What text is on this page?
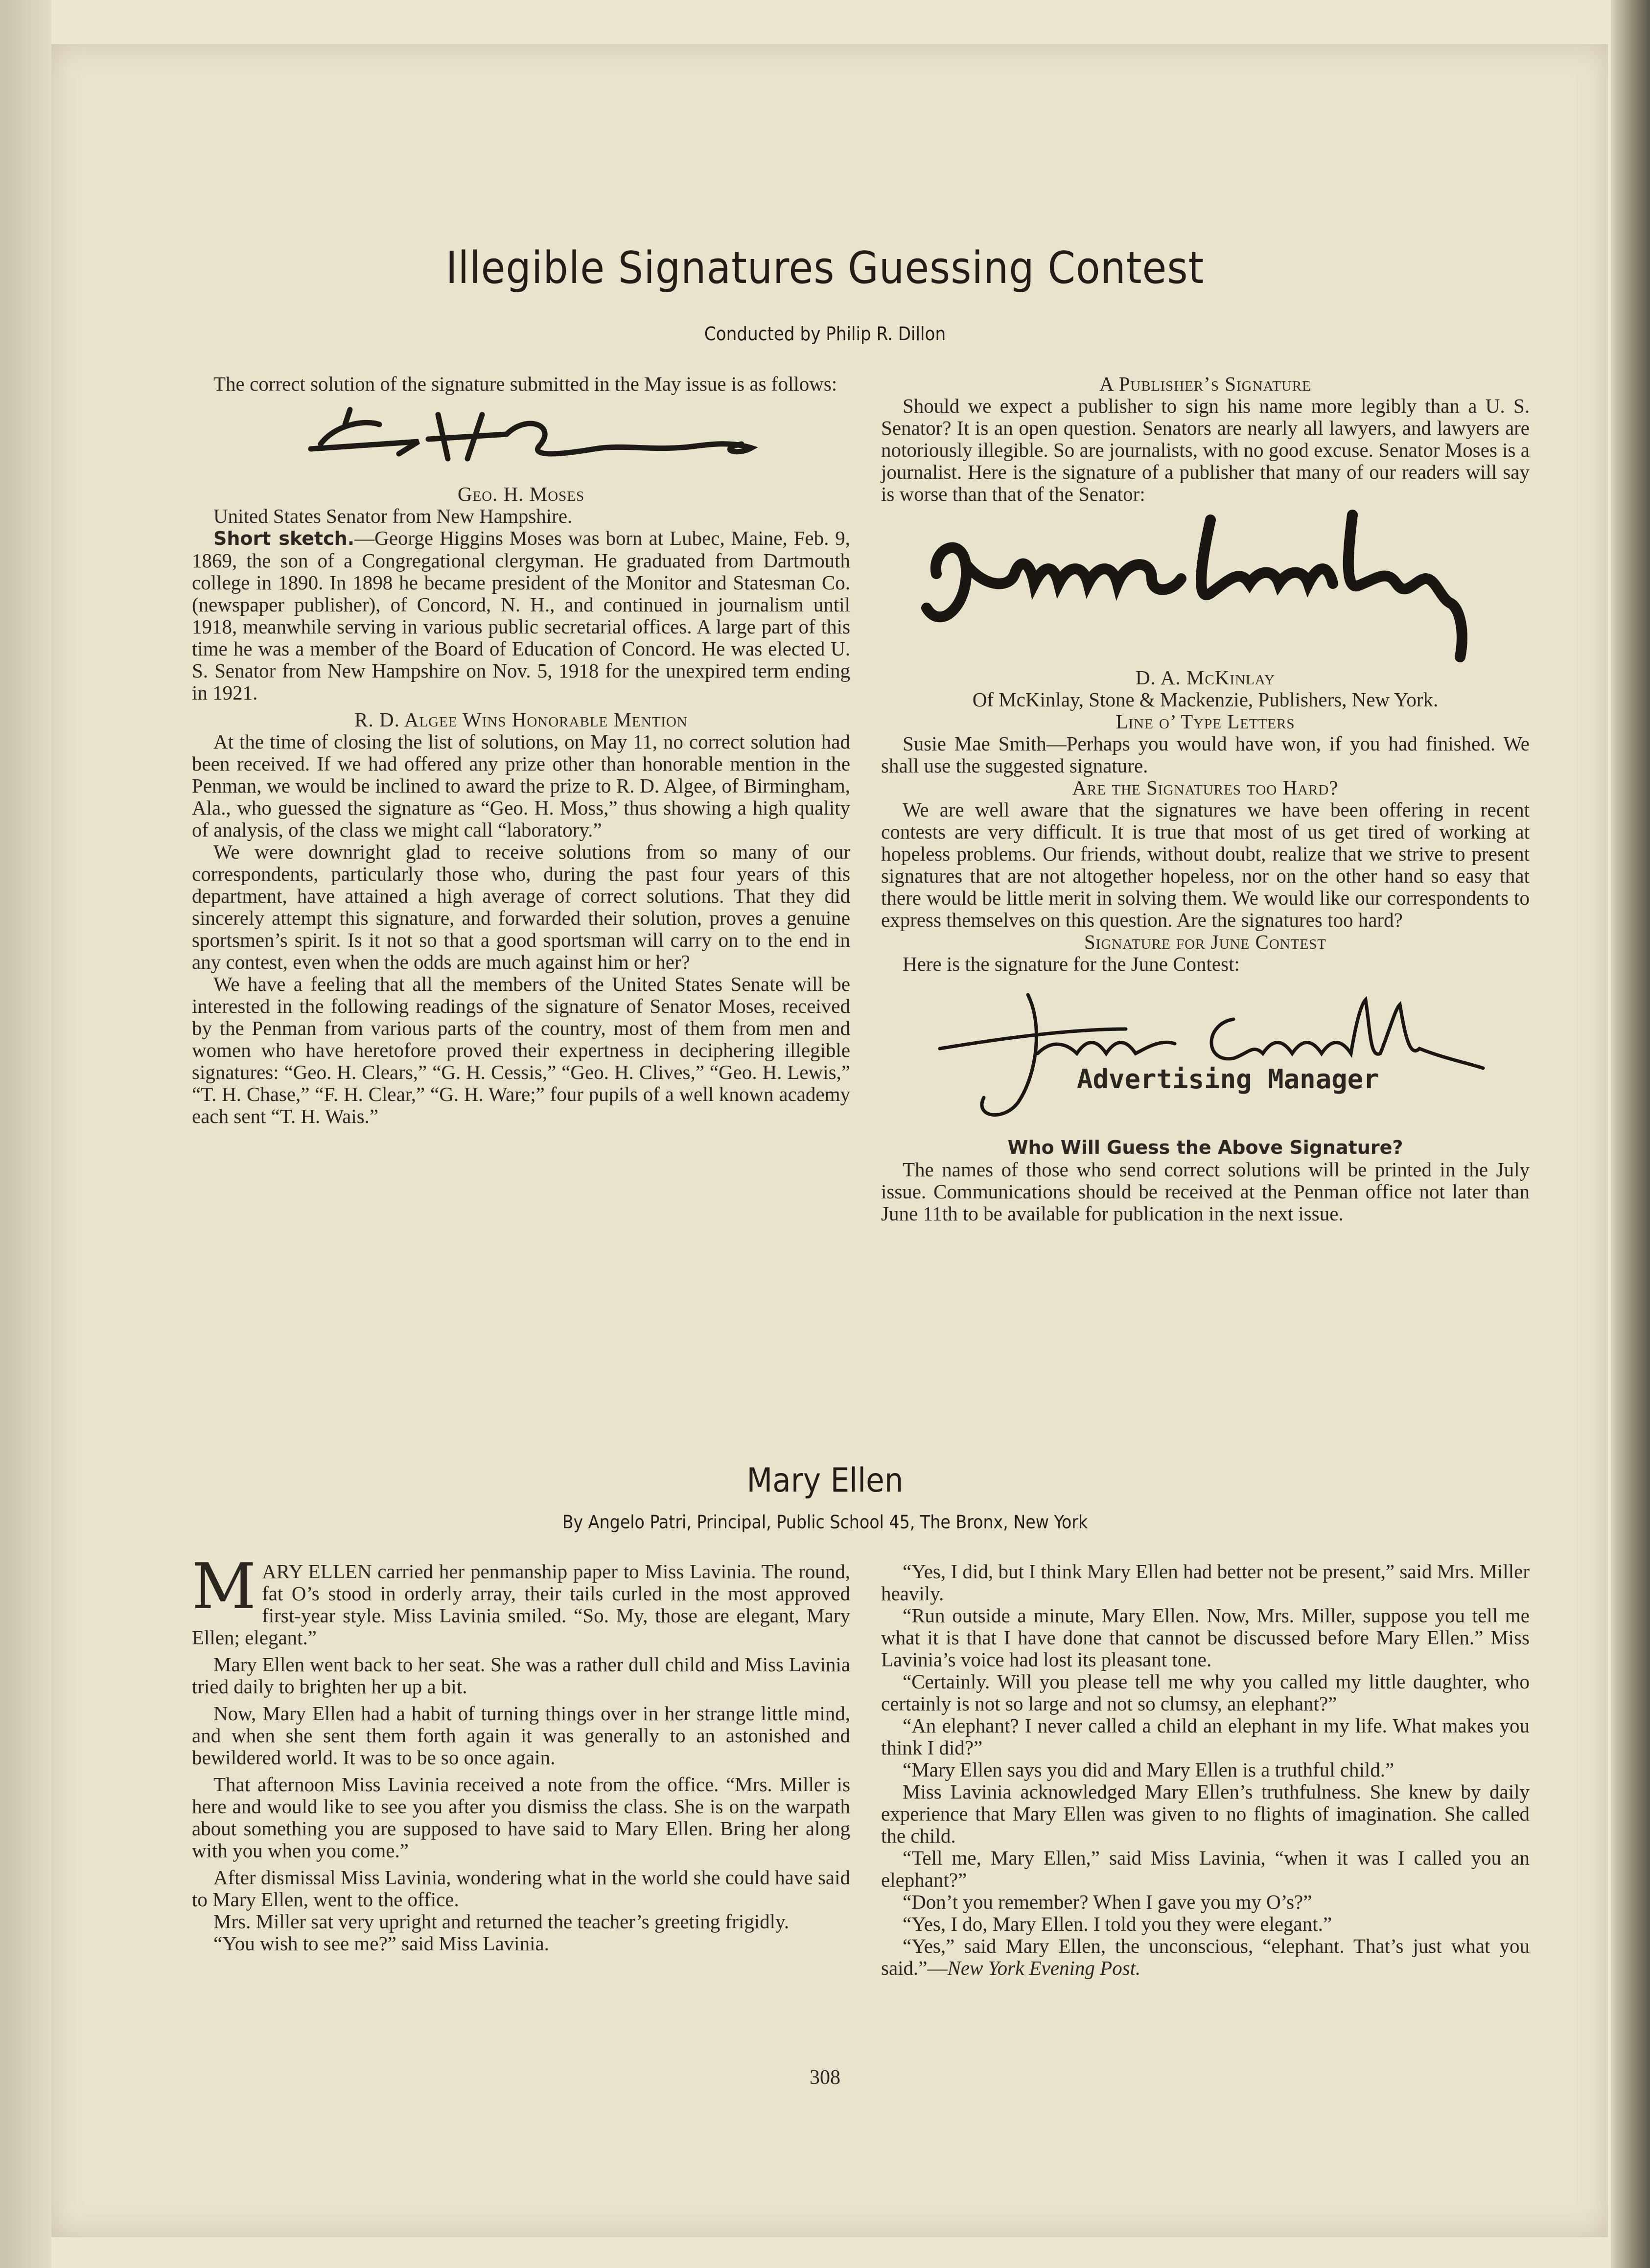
Illegible Signatures Guessing Contest
Conducted by Philip R. Dillon

The correct solution of the signature submitted in the May issue is as follows:

Geo. H. Moses

United States Senator from New Hampshire.

Short sketch.—George Higgins Moses was born at Lubec, Maine, Feb. 9, 1869, the son of a Congregational clergyman. He graduated from Dartmouth college in 1890. In 1898 he became president of the Monitor and Statesman Co. (newspaper publisher), of Concord, N. H., and continued in journalism until 1918, meanwhile serving in various public secretarial offices. A large part of this time he was a member of the Board of Education of Concord. He was elected U. S. Senator from New Hampshire on Nov. 5, 1918 for the unexpired term ending in 1921.

R. D. Algee Wins Honorable Mention

At the time of closing the list of solutions, on May 11, no correct solution had been received. If we had offered any prize other than honorable mention in the Penman, we would be inclined to award the prize to R. D. Algee, of Birmingham, Ala., who guessed the signature as “Geo. H. Moss,” thus showing a high quality of analysis, of the class we might call “laboratory.”

We were downright glad to receive solutions from so many of our correspondents, particularly those who, during the past four years of this department, have attained a high average of correct solutions. That they did sincerely attempt this signature, and forwarded their solution, proves a genuine sportsmen’s spirit. Is it not so that a good sportsman will carry on to the end in any contest, even when the odds are much against him or her?

We have a feeling that all the members of the United States Senate will be interested in the following readings of the signature of Senator Moses, received by the Penman from various parts of the country, most of them from men and women who have heretofore proved their expertness in deciphering illegible signatures: “Geo. H. Clears,” “G. H. Cessis,” “Geo. H. Clives,” “Geo. H. Lewis,” “T. H. Chase,” “F. H. Clear,” “G. H. Ware;” four pupils of a well known academy each sent “T. H. Wais.”

A Publisher’s Signature

Should we expect a publisher to sign his name more legibly than a U. S. Senator? It is an open question. Senators are nearly all lawyers, and lawyers are notoriously illegible. So are journalists, with no good excuse. Senator Moses is a journalist. Here is the signature of a publisher that many of our readers will say is worse than that of the Senator:

D. A. McKinlay

Of McKinlay, Stone & Mackenzie, Publishers, New York.

Line o’ Type Letters

Susie Mae Smith—Perhaps you would have won, if you had finished. We shall use the suggested signature.

Are the Signatures too Hard?

We are well aware that the signatures we have been offering in recent contests are very difficult. It is true that most of us get tired of working at hopeless problems. Our friends, without doubt, realize that we strive to present signatures that are not altogether hopeless, nor on the other hand so easy that there would be little merit in solving them. We would like our correspondents to express themselves on this question. Are the signatures too hard?

Signature for June Contest

Here is the signature for the June Contest:

Advertising Manager

Who Will Guess the Above Signature?

The names of those who send correct solutions will be printed in the July issue. Communications should be received at the Penman office not later than June 11th to be available for publication in the next issue.

Mary Ellen
By Angelo Patri, Principal, Public School 45, The Bronx, New York

MARY ELLEN carried her penmanship paper to Miss Lavinia. The round, fat O’s stood in orderly array, their tails curled in the most approved first-year style. Miss Lavinia smiled. “So. My, those are elegant, Mary Ellen; elegant.”

Mary Ellen went back to her seat. She was a rather dull child and Miss Lavinia tried daily to brighten her up a bit.

Now, Mary Ellen had a habit of turning things over in her strange little mind, and when she sent them forth again it was generally to an astonished and bewildered world. It was to be so once again.

That afternoon Miss Lavinia received a note from the office. “Mrs. Miller is here and would like to see you after you dismiss the class. She is on the warpath about something you are supposed to have said to Mary Ellen. Bring her along with you when you come.”

After dismissal Miss Lavinia, wondering what in the world she could have said to Mary Ellen, went to the office.

Mrs. Miller sat very upright and returned the teacher’s greeting frigidly.

“You wish to see me?” said Miss Lavinia.

“Yes, I did, but I think Mary Ellen had better not be present,” said Mrs. Miller heavily.

“Run outside a minute, Mary Ellen. Now, Mrs. Miller, suppose you tell me what it is that I have done that cannot be discussed before Mary Ellen.” Miss Lavinia’s voice had lost its pleasant tone.

“Certainly. Will you please tell me why you called my little daughter, who certainly is not so large and not so clumsy, an elephant?”

“An elephant? I never called a child an elephant in my life. What makes you think I did?”

“Mary Ellen says you did and Mary Ellen is a truthful child.”

Miss Lavinia acknowledged Mary Ellen’s truthfulness. She knew by daily experience that Mary Ellen was given to no flights of imagination. She called the child.

“Tell me, Mary Ellen,” said Miss Lavinia, “when it was I called you an elephant?”

“Don’t you remember? When I gave you my O’s?”

“Yes, I do, Mary Ellen. I told you they were elegant.”

“Yes,” said Mary Ellen, the unconscious, “elephant. That’s just what you said.”—New York Evening Post.

308
